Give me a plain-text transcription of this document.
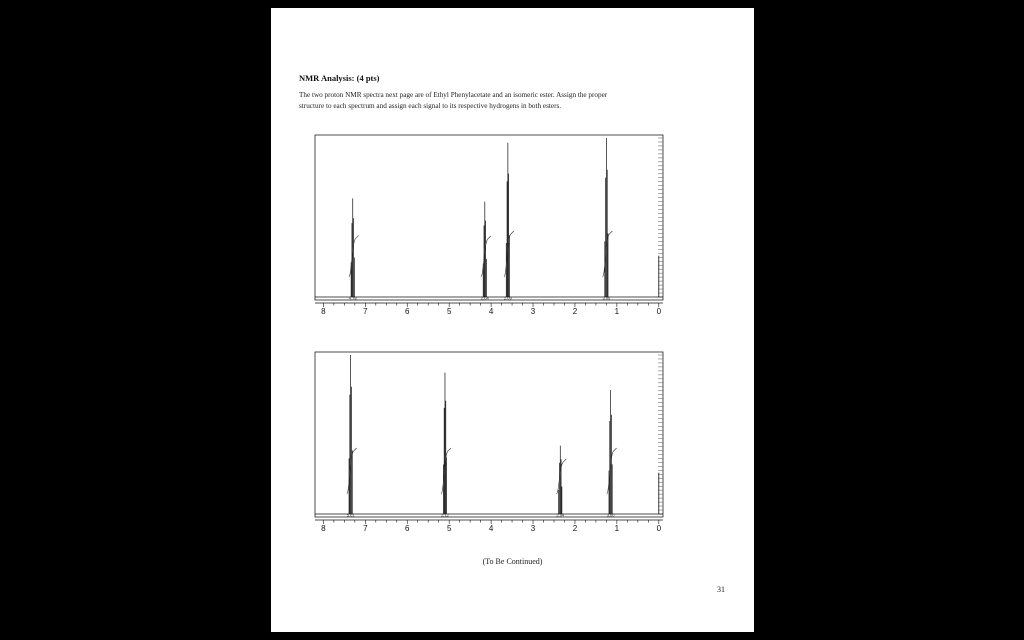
NMR Analysis: (4 pts)

The two proton NMR spectra next page are of Ethyl Phenylacetate and an isomeric ester. Assign the proper
structure to each spectrum and assign each signal to its respective hydrogens in both esters.

8	7	6	5	4	3	2	1	0
4.78	2.04	2.09	3.00
8	7	6	5	4	3	2	1	0
5.01	2.12	2.04	3.00
(To Be Continued)
31
